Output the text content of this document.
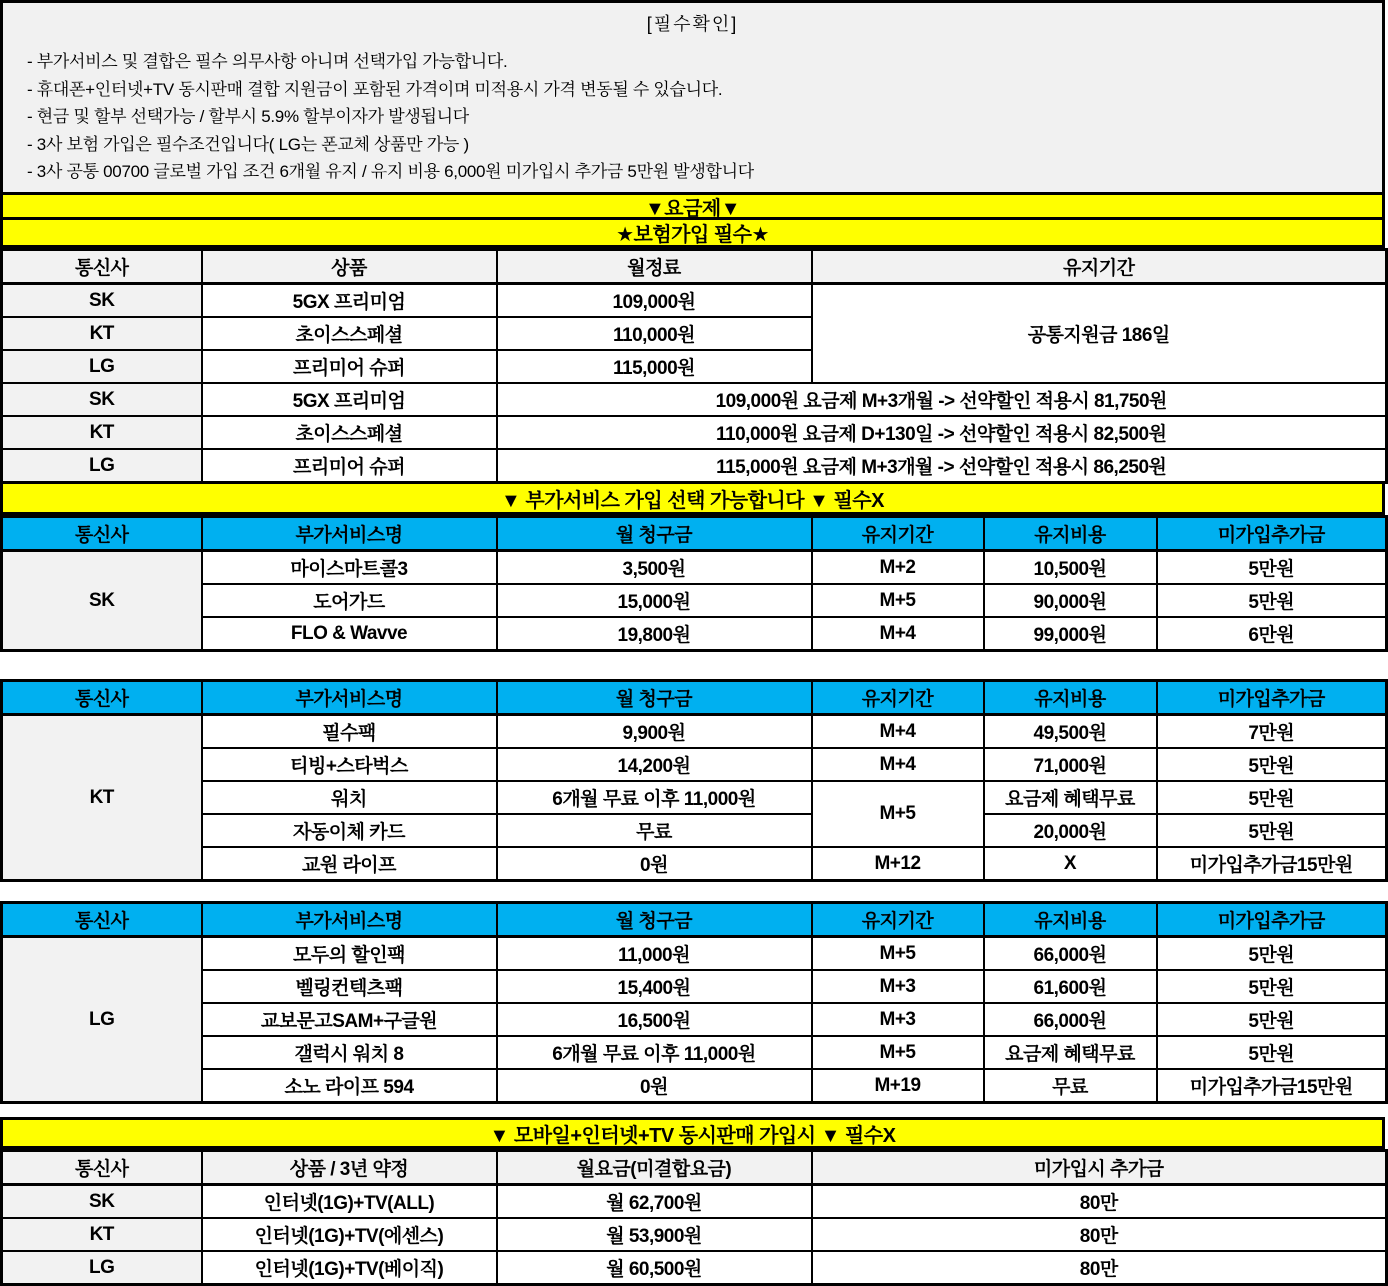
[필수확인]
- 부가서비스 및 결합은 필수 의무사항 아니며 선택가입 가능합니다.
- 휴대폰+인터넷+TV 동시판매 결합 지원금이 포함된 가격이며 미적용시 가격 변동될 수 있습니다.
- 현금 및 할부 선택가능 / 할부시 5.9% 할부이자가 발생됩니다
- 3사 보험 가입은 필수조건입니다( LG는 폰교체 상품만 가능 )
- 3사 공통 00700 글로벌 가입 조건 6개월 유지 / 유지 비용 6,000원 미가입시 추가금 5만원 발생합니다
▼요금제▼
★보험가입 필수★
통신사	상품	월정료	유지기간
SK	5GX 프리미엄	109,000원	공통지원금 186일
KT	초이스스페셜	110,000원	
LG	프리미어 슈퍼	115,000원	
SK	5GX 프리미엄	109,000원 요금제 M+3개월 -> 선약할인 적용시 81,750원	
KT	초이스스페셜	110,000원 요금제 D+130일 -> 선약할인 적용시 82,500원	
LG	프리미어 슈퍼	115,000원 요금제 M+3개월 -> 선약할인 적용시 86,250원	
▼ 부가서비스 가입 선택 가능합니다 ▼ 필수X
통신사	부가서비스명	월 청구금	유지기간	유지비용	미가입추가금
SK	마이스마트콜3	3,500원	M+2	10,500원	5만원
	도어가드	15,000원	M+5	90,000원	5만원
	FLO & Wavve	19,800원	M+4	99,000원	6만원
통신사	부가서비스명	월 청구금	유지기간	유지비용	미가입추가금
KT	필수팩	9,900원	M+4	49,500원	7만원
	티빙+스타벅스	14,200원	M+4	71,000원	5만원
	워치	6개월 무료 이후 11,000원	M+5	요금제 혜택무료	5만원
	자동이체 카드	무료		20,000원	5만원
	교원 라이프	0원	M+12	X	미가입추가금15만원
통신사	부가서비스명	월 청구금	유지기간	유지비용	미가입추가금
LG	모두의 할인팩	11,000원	M+5	66,000원	5만원
	벨링컨텍츠팩	15,400원	M+3	61,600원	5만원
	교보문고SAM+구글원	16,500원	M+3	66,000원	5만원
	갤럭시 워치 8	6개월 무료 이후 11,000원	M+5	요금제 혜택무료	5만원
	소노 라이프 594	0원	M+19	무료	미가입추가금15만원
▼ 모바일+인터넷+TV 동시판매 가입시 ▼ 필수X
통신사	상품 / 3년 약정	월요금(미결합요금)	미가입시 추가금
SK	인터넷(1G)+TV(ALL)	월 62,700원	80만
KT	인터넷(1G)+TV(에센스)	월 53,900원	80만
LG	인터넷(1G)+TV(베이직)	월 60,500원	80만
